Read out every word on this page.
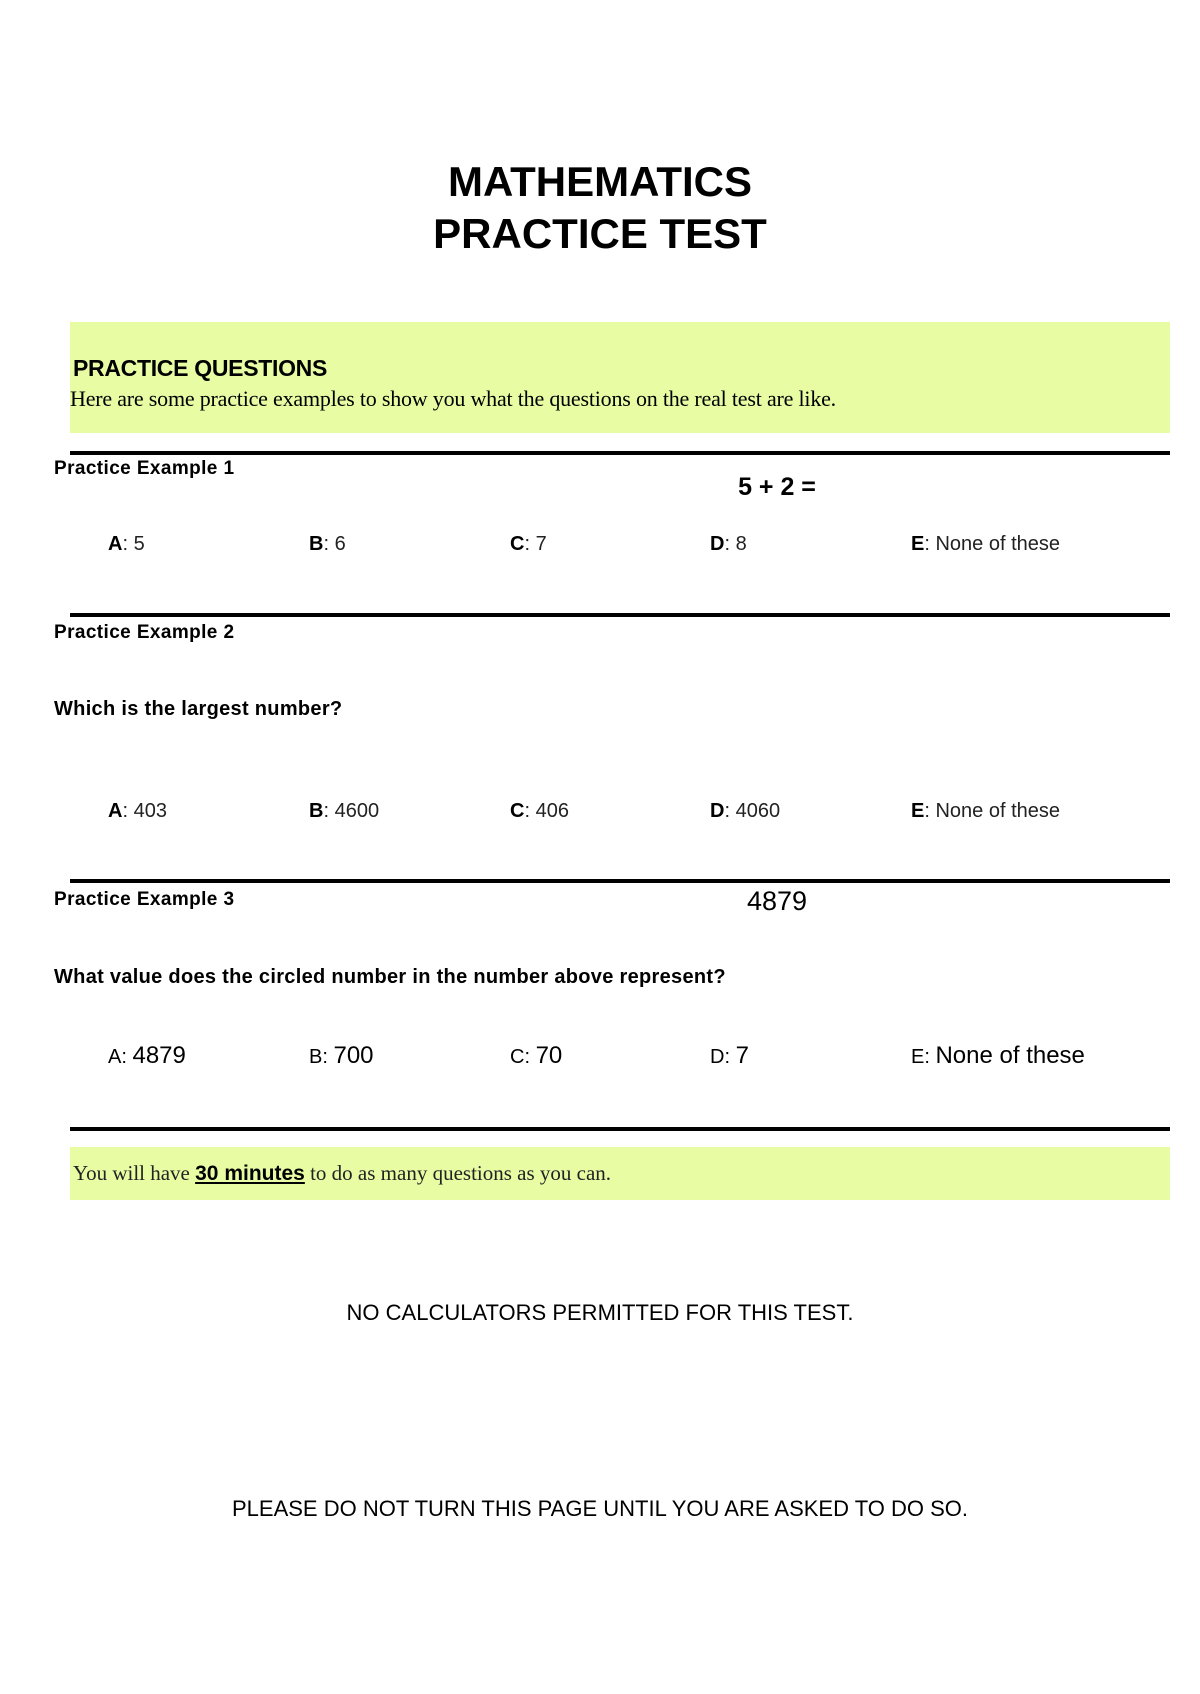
MATHEMATICS
PRACTICE TEST
PRACTICE QUESTIONS
Here are some practice examples to show you what the questions on the real test are like.
Practice Example 1
5 + 2 =
A: 5	B: 6	C: 7	D: 8	E: None of these
Practice Example 2
Which is the largest number?
A: 403	B: 4600	C: 406	D: 4060	E: None of these
Practice Example 3	4879
What value does the circled number in the number above represent?
A: 4879	B: 700	C: 70	D: 7	E: None of these
You will have 30 minutes to do as many questions as you can.
NO CALCULATORS PERMITTED FOR THIS TEST.
PLEASE DO NOT TURN THIS PAGE UNTIL YOU ARE ASKED TO DO SO.
